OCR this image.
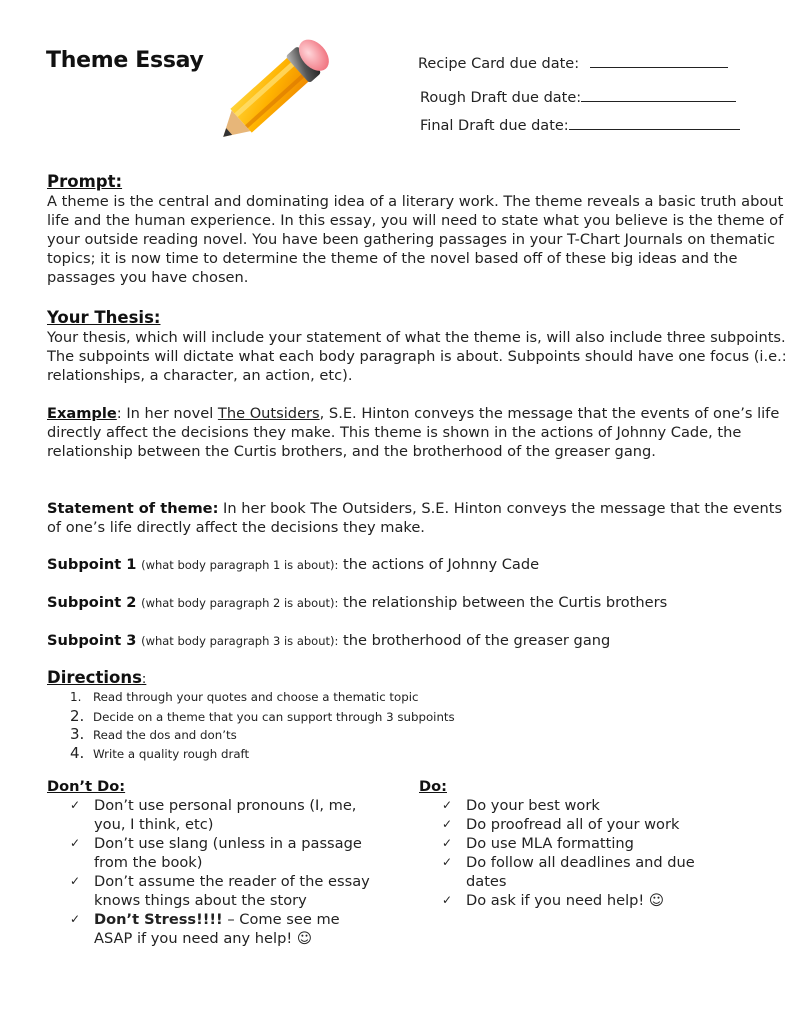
Theme Essay	Recipe Card due date:
Rough Draft due date:
Final Draft due date:
Prompt:
A theme is the central and dominating idea of a literary work. The theme reveals a basic truth about life and the human experience. In this essay, you will need to state what you believe is the theme of your outside reading novel. You have been gathering passages in your T-Chart Journals on thematic topics; it is now time to determine the theme of the novel based off of these big ideas and the passages you have chosen.
Your Thesis:
Your thesis, which will include your statement of what the theme is, will also include three subpoints. The subpoints will dictate what each body paragraph is about. Subpoints should have one focus (i.e.: relationships, a character, an action, etc).
Example: In her novel The Outsiders, S.E. Hinton conveys the message that the events of one’s life directly affect the decisions they make. This theme is shown in the actions of Johnny Cade, the relationship between the Curtis brothers, and the brotherhood of the greaser gang.
Statement of theme: In her book The Outsiders, S.E. Hinton conveys the message that the events of one’s life directly affect the decisions they make.
Subpoint 1 (what body paragraph 1 is about): the actions of Johnny Cade
Subpoint 2 (what body paragraph 2 is about): the relationship between the Curtis brothers
Subpoint 3 (what body paragraph 3 is about): the brotherhood of the greaser gang
Directions:
1. Read through your quotes and choose a thematic topic
2. Decide on a theme that you can support through 3 subpoints
3. Read the dos and don’ts
4. Write a quality rough draft
Don’t Do:
✓ Don’t use personal pronouns (I, me, you, I think, etc)
✓ Don’t use slang (unless in a passage from the book)
✓ Don’t assume the reader of the essay knows things about the story
✓ Don’t Stress!!!! – Come see me ASAP if you need any help! ☺
Do:
✓ Do your best work
✓ Do proofread all of your work
✓ Do use MLA formatting
✓ Do follow all deadlines and due dates
✓ Do ask if you need help! ☺
